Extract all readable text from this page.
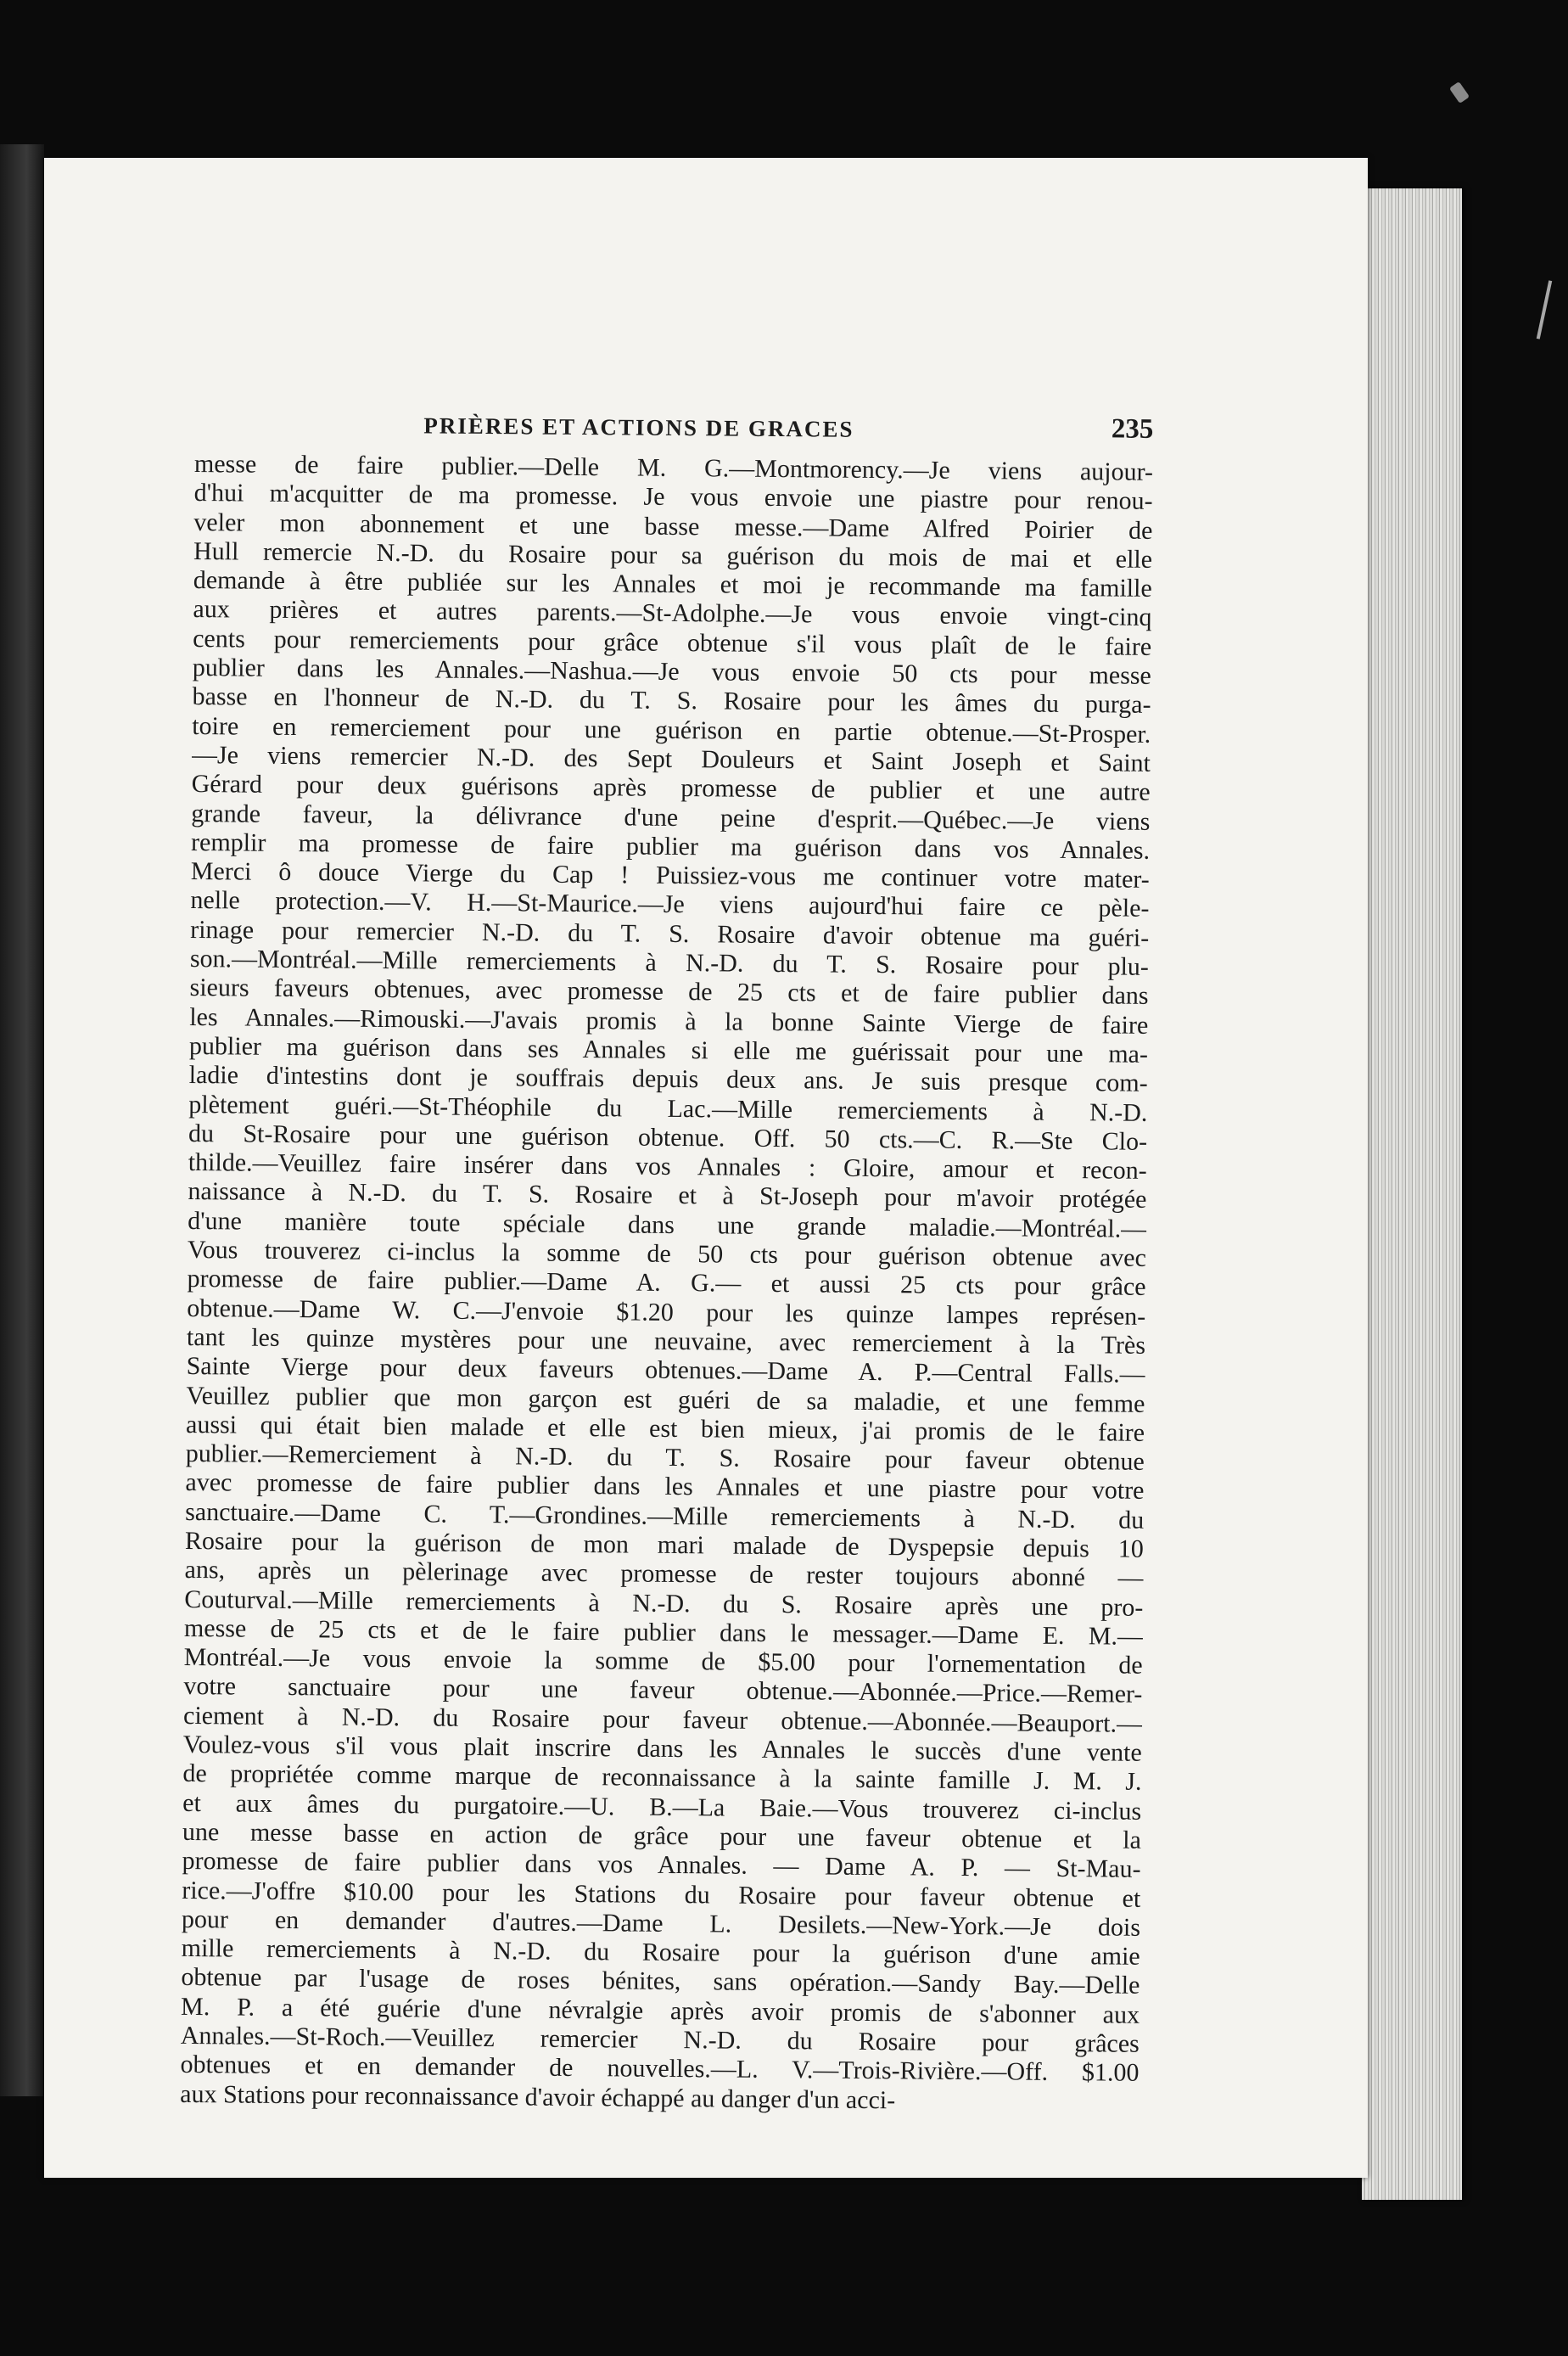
PRIÈRES ET ACTIONS DE GRACES	235
messe de faire publier.—Delle M. G.—Montmorency.—Je viens aujour-
d'hui m'acquitter de ma promesse. Je vous envoie une piastre pour renou-
veler mon abonnement et une basse messe.—Dame Alfred Poirier de
Hull remercie N.-D. du Rosaire pour sa guérison du mois de mai et elle
demande à être publiée sur les Annales et moi je recommande ma famille
aux prières et autres parents.—St-Adolphe.—Je vous envoie vingt-cinq
cents pour remerciements pour grâce obtenue s'il vous plaît de le faire
publier dans les Annales.—Nashua.—Je vous envoie 50 cts pour messe
basse en l'honneur de N.-D. du T. S. Rosaire pour les âmes du purga-
toire en remerciement pour une guérison en partie obtenue.—St-Prosper.
—Je viens remercier N.-D. des Sept Douleurs et Saint Joseph et Saint
Gérard pour deux guérisons après promesse de publier et une autre
grande faveur, la délivrance d'une peine d'esprit.—Québec.—Je viens
remplir ma promesse de faire publier ma guérison dans vos Annales.
Merci ô douce Vierge du Cap ! Puissiez-vous me continuer votre mater-
nelle protection.—V. H.—St-Maurice.—Je viens aujourd'hui faire ce pèle-
rinage pour remercier N.-D. du T. S. Rosaire d'avoir obtenue ma guéri-
son.—Montréal.—Mille remerciements à N.-D. du T. S. Rosaire pour plu-
sieurs faveurs obtenues, avec promesse de 25 cts et de faire publier dans
les Annales.—Rimouski.—J'avais promis à la bonne Sainte Vierge de faire
publier ma guérison dans ses Annales si elle me guérissait pour une ma-
ladie d'intestins dont je souffrais depuis deux ans. Je suis presque com-
plètement guéri.—St-Théophile du Lac.—Mille remerciements à N.-D.
du St-Rosaire pour une guérison obtenue. Off. 50 cts.—C. R.—Ste Clo-
thilde.—Veuillez faire insérer dans vos Annales : Gloire, amour et recon-
naissance à N.-D. du T. S. Rosaire et à St-Joseph pour m'avoir protégée
d'une manière toute spéciale dans une grande maladie.—Montréal.—
Vous trouverez ci-inclus la somme de 50 cts pour guérison obtenue avec
promesse de faire publier.—Dame A. G.— et aussi 25 cts pour grâce
obtenue.—Dame W. C.—J'envoie $1.20 pour les quinze lampes représen-
tant les quinze mystères pour une neuvaine, avec remerciement à la Très
Sainte Vierge pour deux faveurs obtenues.—Dame A. P.—Central Falls.—
Veuillez publier que mon garçon est guéri de sa maladie, et une femme
aussi qui était bien malade et elle est bien mieux, j'ai promis de le faire
publier.—Remerciement à N.-D. du T. S. Rosaire pour faveur obtenue
avec promesse de faire publier dans les Annales et une piastre pour votre
sanctuaire.—Dame C. T.—Grondines.—Mille remerciements à N.-D. du
Rosaire pour la guérison de mon mari malade de Dyspepsie depuis 10
ans, après un pèlerinage avec promesse de rester toujours abonné —
Couturval.—Mille remerciements à N.-D. du S. Rosaire après une pro-
messe de 25 cts et de le faire publier dans le messager.—Dame E. M.—
Montréal.—Je vous envoie la somme de $5.00 pour l'ornementation de
votre sanctuaire pour une faveur obtenue.—Abonnée.—Price.—Remer-
ciement à N.-D. du Rosaire pour faveur obtenue.—Abonnée.—Beauport.—
Voulez-vous s'il vous plait inscrire dans les Annales le succès d'une vente
de propriétée comme marque de reconnaissance à la sainte famille J. M. J.
et aux âmes du purgatoire.—U. B.—La Baie.—Vous trouverez ci-inclus
une messe basse en action de grâce pour une faveur obtenue et la
promesse de faire publier dans vos Annales. — Dame A. P. — St-Mau-
rice.—J'offre $10.00 pour les Stations du Rosaire pour faveur obtenue et
pour en demander d'autres.—Dame L. Desilets.—New-York.—Je dois
mille remerciements à N.-D. du Rosaire pour la guérison d'une amie
obtenue par l'usage de roses bénites, sans opération.—Sandy Bay.—Delle
M. P. a été guérie d'une névralgie après avoir promis de s'abonner aux
Annales.—St-Roch.—Veuillez remercier N.-D. du Rosaire pour grâces
obtenues et en demander de nouvelles.—L. V.—Trois-Rivière.—Off. $1.00
aux Stations pour reconnaissance d'avoir échappé au danger d'un acci-
